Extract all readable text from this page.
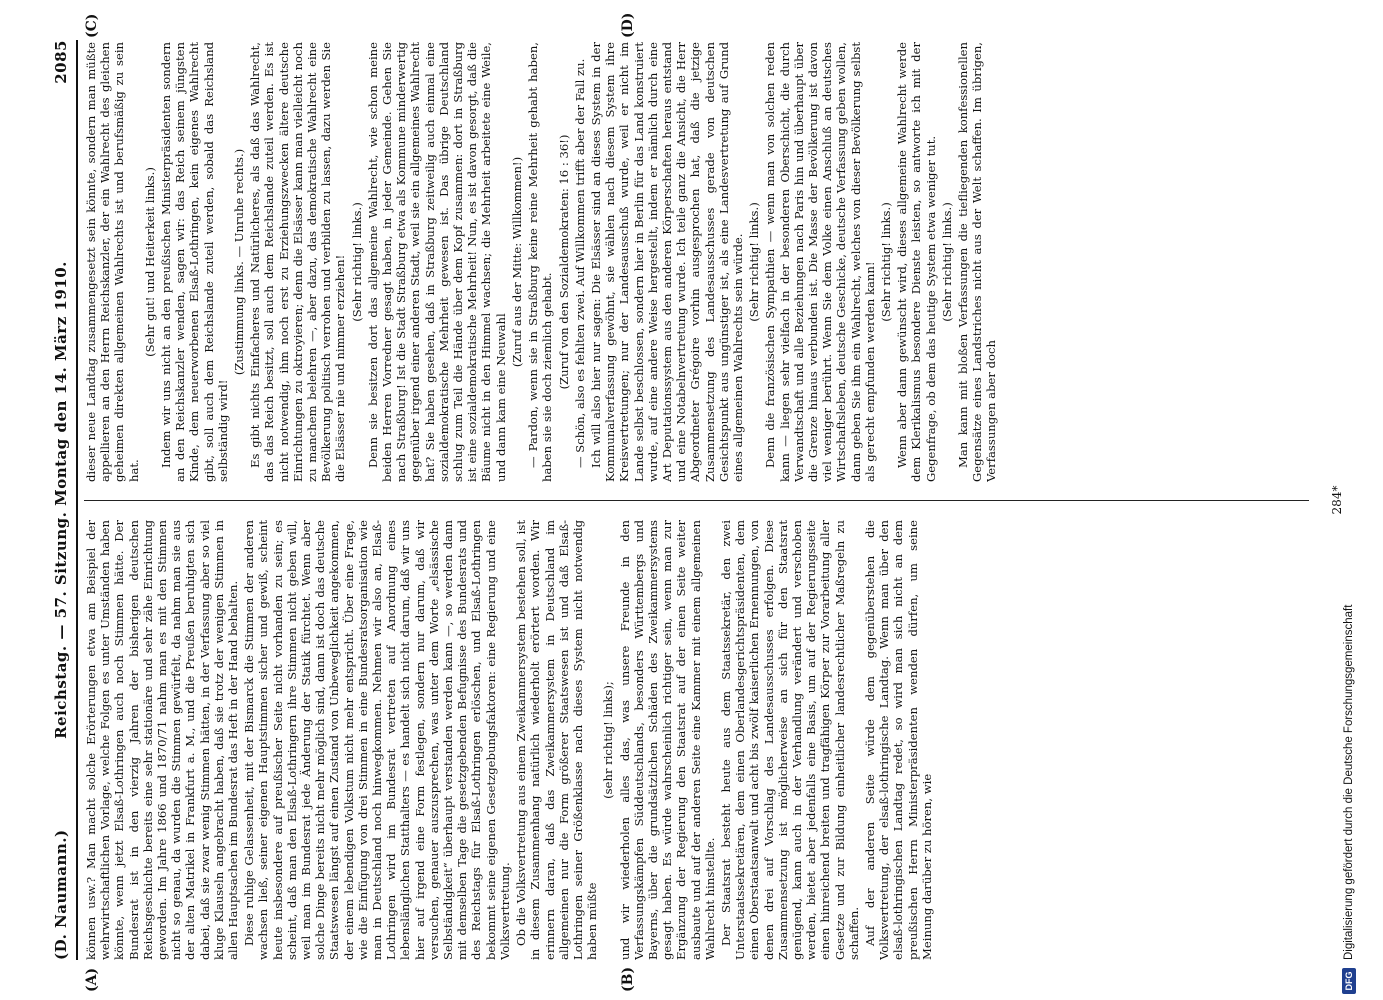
(D. Naumann.)
Reichstag. — 57. Sitzung. Montag den 14. März 1910.
2085
(A)	(B)
(C)	(D)

können usw.? Man macht solche Erörterungen etwa am Beispiel der wehrwirtschaftlichen Vorlage, welche Folgen es unter Umständen haben könnte, wenn jetzt Elsaß-Lothringen auch noch Stimmen hätte. Der Bundesrat ist in den vierzig Jahren der bisherigen deutschen Reichsgeschichte bereits eine sehr stationäre und sehr zähe Einrichtung geworden. Im Jahre 1866 und 1870/71 nahm man es mit den Stimmen nicht so genau, da wurden die Stimmen gewürfelt, da nahm man sie aus der alten Matrikel in Frankfurt a. M., und die Preußen beruhigten sich dabei, daß sie zwar wenig Stimmen hätten, in der Verfassung aber so viel kluge Klauseln angebracht haben, daß sie trotz der wenigen Stimmen in allen Hauptsachen im Bundesrat das Heft in der Hand behalten. Diese ruhige Gelassenheit, mit der Bismarck die Stimmen der anderen wachsen ließ, seiner eigenen Hauptstimmen sicher und gewiß, scheint heute insbesondere auf preußischer Seite nicht vorhanden zu sein; es scheint, daß man den Elsaß-Lothringern ihre Stimmen nicht geben will, weil man im Bundesrat jede Änderung der Statik fürchtet. Wenn aber solche Dinge bereits nicht mehr möglich sind, dann ist doch das deutsche Staatswesen längst auf einen Zustand von Unbeweglichkeit angekommen, der einem lebendigen Volkstum nicht mehr entspricht. Über eine Frage, wie die Einfügung von drei Stimmen in eine Bundesratsorganisation wie man in Deutschland noch hinwegkommen. Nehmen wir also an, Elsaß-Lothringen wird im Bundesrat vertreten auf Anordnung eines lebenslänglichen Statthalters — es handelt sich nicht darum, daß wir uns hier auf irgend eine Form festlegen, sondern nur darum, daß wir versuchen, genauer auszusprechen, was unter dem Worte „elsässische Selbständigkeit“ überhaupt verstanden werden kann —, so werden dann mit demselben Tage die gesetzgebenden Befugnisse des Bundesrats und des Reichstags für Elsaß-Lothringen erlöschen, und Elsaß-Lothringen bekommt seine eigenen Gesetzgebungsfaktoren: eine Regierung und eine Volksvertretung. Ob die Volksvertretung aus einem Zweikammersystem bestehen soll, ist in diesem Zusammenhang natürlich wiederholt erörtert worden. Wir erinnern daran, daß das Zweikammersystem in Deutschland im allgemeinen nur die Form größerer Staatswesen ist und daß Elsaß-Lothringen seiner Größenklasse nach dieses System nicht notwendig haben müßte

(sehr richtig! links); und wir wiederholen alles das, was unsere Freunde in den Verfassungskämpfen Süddeutschlands, besonders Württembergs und Bayerns, über die grundsätzlichen Schäden des Zweikammersystems gesagt haben. Es würde wahrscheinlich richtiger sein, wenn man zur Ergänzung der Regierung den Staatsrat auf der einen Seite weiter ausbaute und auf der anderen Seite eine Kammer mit einem allgemeinen Wahlrecht hinstellte. Der Staatsrat besteht heute aus dem Staatssekretär, den zwei Unterstaatssekretären, dem einen Oberlandesgerichtspräsidenten, dem einen Oberstaatsanwalt und acht bis zwölf kaiserlichen Ernennungen, von denen drei auf Vorschlag des Landesausschusses erfolgen. Diese Zusammensetzung ist möglicherweise an sich für den Staatsrat genügend, kann auch in der Verhandlung verändert und verschoben werden, bietet aber jedenfalls eine Basis, um auf der Regierungsseite einen hinreichend breiten und tragfähigen Körper zur Vorarbeitung aller Gesetze und zur Bildung einheitlicher landesrechtlicher Maßregeln zu schaffen. Auf der anderen Seite würde dem gegenüberstehen die Volksvertretung, der elsaß-lothringische Landtag. Wenn man über den elsaß-lothringischen Landtag redet, so wird man sich nicht an dem preußischen Herrn Ministerpräsidenten wenden dürfen, um seine Meinung darüber zu hören, wie

dieser neue Landtag zusammengesetzt sein könnte, sondern man müßte appellieren an den Herrn Reichskanzler, der ein Wahlrecht des gleichen geheimen direkten allgemeinen Wahlrechts ist und berufsmäßig zu sein hat.

(Sehr gut! und Heiterkeit links.) Indem wir uns nicht an den preußischen Ministerpräsidenten sondern an den Reichskanzler wenden, sagen wir: das Reich seinem jüngsten Kinde, dem neuerworbenen Elsaß-Lothringen, kein eigenes Wahlrecht gibt, soll auch dem Reichslande zuteil werden, sobald das Reichsland selbständig wird!

(Zustimmung links. — Unruhe rechts.) Es gibt nichts Einfacheres und Natürlicheres, als daß das Wahlrecht, das das Reich besitzt, soll auch dem Reichslande zuteil werden. Es ist nicht notwendig, ihm noch erst zu Erziehungszwecken ältere deutsche Einrichtungen zu oktroyieren; denn die Elsässer kann man vielleicht noch zu manchem belehren —, aber dazu, das demokratische Wahlrecht eine Bevölkerung politisch verrohen und verbilden zu lassen, dazu werden Sie die Elsässer nie und nimmer erziehen! (Sehr richtig! links.) Denn sie besitzen dort das allgemeine Wahlrecht, wie schon meine beiden Herren Vorredner gesagt haben, in jeder Gemeinde. Gehen Sie nach Straßburg! Ist die Stadt Straßburg etwa als Kommune minderwertig gegenüber irgend einer anderen Stadt, weil sie ein allgemeines Wahlrecht hat? Sie haben gesehen, daß in Straßburg zeitweilig auch einmal eine sozialdemokratische Mehrheit gewesen ist. Das übrige Deutschland schlug zum Teil die Hände über dem Kopf zusammen: dort in Straßburg ist eine sozialdemokratische Mehrheit! Nun, es ist davon gesorgt, daß die Bäume nicht in den Himmel wachsen; die Mehrheit arbeitete eine Weile, und dann kam eine Neuwahl

(Zuruf aus der Mitte: Willkommen!) — Pardon, wenn sie in Straßburg keine reine Mehrheit gehabt haben, haben sie sie doch ziemlich gehabt. (Zuruf von den Sozialdemokraten: 16 : 36!) — Schön, also es fehlten zwei. Auf Willkommen trifft aber der Fall zu. Ich will also hier nur sagen: Die Elsässer sind an dieses System in der Kommunalverfassung gewöhnt, sie wählen nach diesem System ihre Kreisvertretungen; nur der Landesausschuß wurde, weil er nicht im Lande selbst beschlossen, sondern hier in Berlin für das Land konstruiert wurde, auf eine andere Weise hergestellt, indem er nämlich durch eine Art Deputationssystem aus den anderen Körperschaften heraus entstand und eine Notabelnvertretung wurde. Ich teile ganz die Ansicht, die Herr Abgeordneter Grégoire vorhin ausgesprochen hat, daß die jetzige Zusammensetzung des Landesausschusses gerade von deutschen Gesichtspunkt aus ungünstiger ist, als eine Landesvertretung auf Grund eines allgemeinen Wahlrechts sein würde. (Sehr richtig! links.) Denn die französischen Sympathien — wenn man von solchen reden kann — liegen sehr vielfach in der besonderen Oberschicht, die durch Verwandtschaft und alle Beziehungen nach Paris hin und überhaupt über die Grenze hinaus verbunden ist. Die Masse der Bevölkerung ist davon viel weniger berührt. Wenn Sie dem Volke einen Anschluß an deutsches Wirtschaftsleben, deutsche Geschicke, deutsche Verfassung geben wollen, dann geben Sie ihm ein Wahlrecht, welches von dieser Bevölkerung selbst als gerecht empfunden werden kann! (Sehr richtig! links.) Wenn aber dann gewünscht wird, dieses allgemeine Wahlrecht werde dem Klerikalismus besondere Dienste leisten, so antworte ich mit der Gegenfrage, ob dem das heutige System etwa weniger tut. (Sehr richtig! links.) Man kann mit bloßen Verfassungen die tiefliegenden konfessionellen Gegensätze eines Landstriches nicht aus der Welt schaffen. Im übrigen, Verfassungen aber doch

284*
DFG
Digitalisierung gefördert durch die Deutsche Forschungsgemeinschaft
